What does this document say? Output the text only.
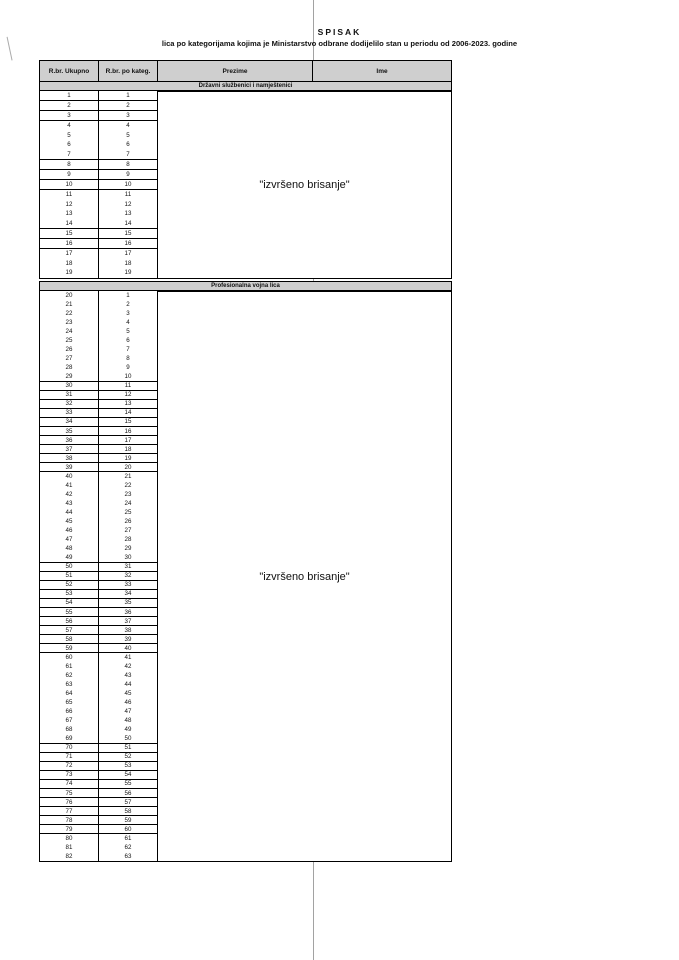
SPISAK
lica po kategorijama kojima je Ministarstvo odbrane dodijelilo stan u periodu od 2006-2023. godine
R.br. Ukupno	R.br. po kateg.	Prezime	Ime
Državni službenici i namještenici
1	1
2	2
3	3
4	4
5	5
6	6
7	7
8	8
9	9
10	10
11	11
12	12
13	13
14	14
15	15
16	16
17	17
18	18
19	19
"izvršeno brisanje"
Profesionalna vojna lica
20	1
21	2
22	3
23	4
24	5
25	6
26	7
27	8
28	9
29	10
30	11
31	12
32	13
33	14
34	15
35	16
36	17
37	18
38	19
39	20
40	21
41	22
42	23
43	24
44	25
45	26
46	27
47	28
48	29
49	30
50	31
51	32
52	33
53	34
54	35
55	36
56	37
57	38
58	39
59	40
60	41
61	42
62	43
63	44
64	45
65	46
66	47
67	48
68	49
69	50
70	51
71	52
72	53
73	54
74	55
75	56
76	57
77	58
78	59
79	60
80	61
81	62
82	63
"izvršeno brisanje"
